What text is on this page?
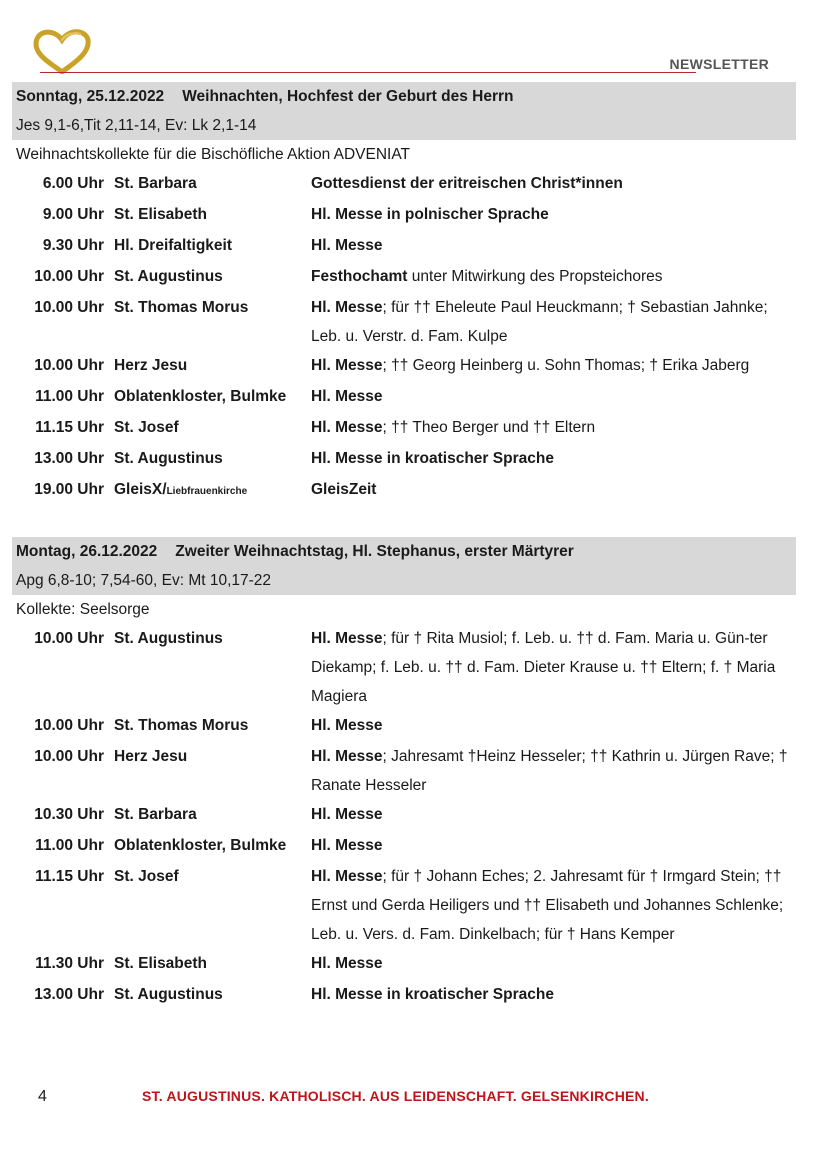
NEWSLETTER
Sonntag, 25.12.2022 Weihnachten, Hochfest der Geburt des Herrn
Jes 9,1-6,Tit 2,11-14, Ev: Lk 2,1-14
Weihnachtskollekte für die Bischöfliche Aktion ADVENIAT
6.00 Uhr St. Barbara	Gottesdienst der eritreischen Christ*innen
9.00 Uhr St. Elisabeth	Hl. Messe in polnischer Sprache
9.30 Uhr Hl. Dreifaltigkeit	Hl. Messe
10.00 Uhr St. Augustinus	Festhochamt unter Mitwirkung des Propsteichores
10.00 Uhr St. Thomas Morus	Hl. Messe; für †† Eheleute Paul Heuckmann; † Sebastian Jahnke; Leb. u. Verstr. d. Fam. Kulpe
10.00 Uhr Herz Jesu	Hl. Messe; †† Georg Heinberg u. Sohn Thomas; † Erika Jaberg
11.00 Uhr Oblatenkloster, Bulmke	Hl. Messe
11.15 Uhr St. Josef	Hl. Messe; †† Theo Berger und †† Eltern
13.00 Uhr St. Augustinus	Hl. Messe in kroatischer Sprache
19.00 Uhr GleisX/Liebfrauenkirche	GleisZeit
Montag, 26.12.2022 Zweiter Weihnachtstag, Hl. Stephanus, erster Märtyrer
Apg 6,8-10; 7,54-60, Ev: Mt 10,17-22
Kollekte: Seelsorge
10.00 Uhr St. Augustinus	Hl. Messe; für † Rita Musiol; f. Leb. u. †† d. Fam. Maria u. Gün-ter Diekamp; f. Leb. u. †† d. Fam. Dieter Krause u. †† Eltern; f. † Maria Magiera
10.00 Uhr St. Thomas Morus	Hl. Messe
10.00 Uhr Herz Jesu	Hl. Messe; Jahresamt †Heinz Hesseler; †† Kathrin u. Jürgen Rave; † Ranate Hesseler
10.30 Uhr St. Barbara	Hl. Messe
11.00 Uhr Oblatenkloster, Bulmke	Hl. Messe
11.15 Uhr St. Josef	Hl. Messe; für † Johann Eches; 2. Jahresamt für † Irmgard Stein; †† Ernst und Gerda Heiligers und †† Elisabeth und Johannes Schlenke; Leb. u. Vers. d. Fam. Dinkelbach; für † Hans Kemper
11.30 Uhr St. Elisabeth	Hl. Messe
13.00 Uhr St. Augustinus	Hl. Messe in kroatischer Sprache
4	ST. AUGUSTINUS. KATHOLISCH. AUS LEIDENSCHAFT. GELSENKIRCHEN.
